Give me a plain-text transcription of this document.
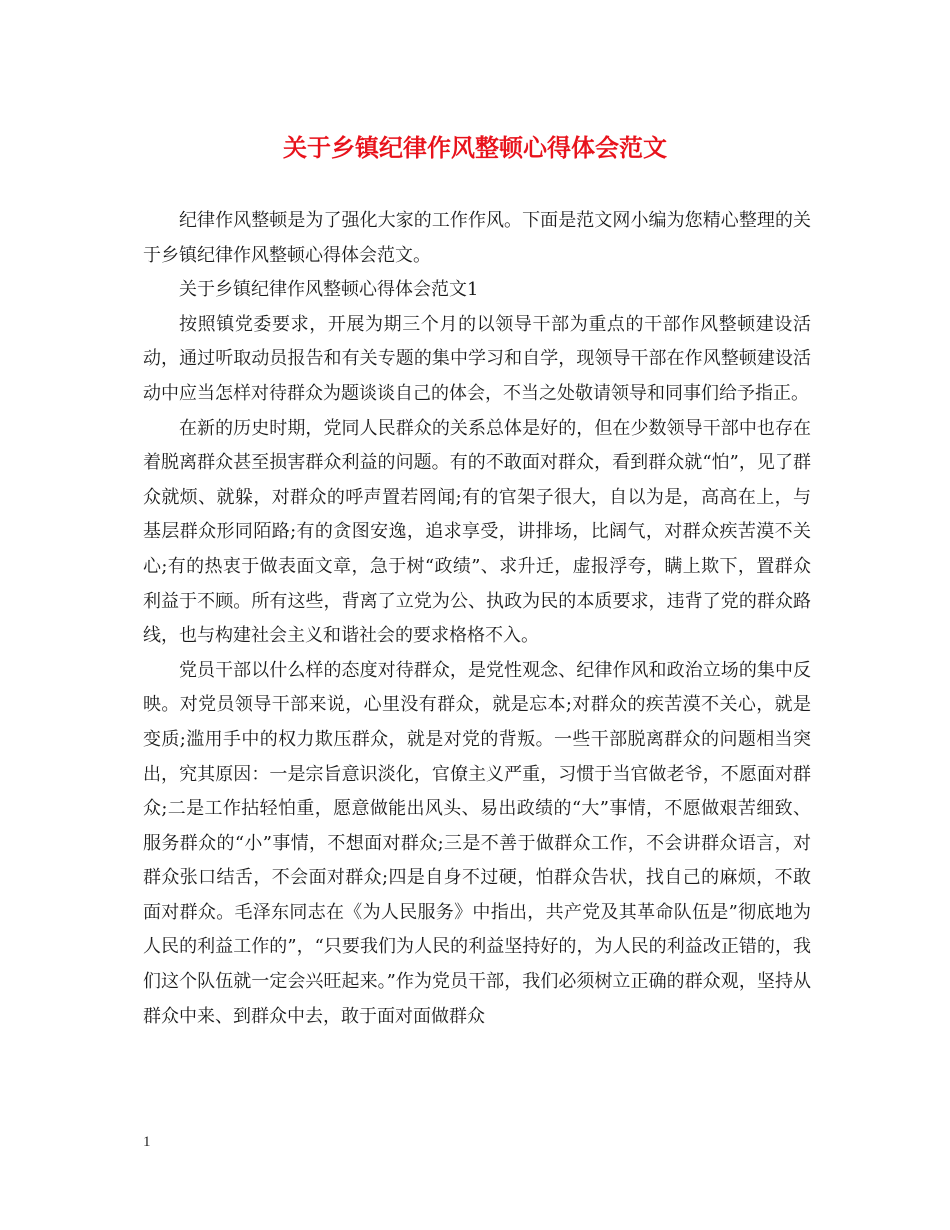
关于乡镇纪律作风整顿心得体会范文

纪律作风整顿是为了强化大家的工作作风。下面是范文网小编为您精心整理的关于乡镇纪律作风整顿心得体会范文。

关于乡镇纪律作风整顿心得体会范文1

按照镇党委要求，开展为期三个月的以领导干部为重点的干部作风整顿建设活动，通过听取动员报告和有关专题的集中学习和自学，现领导干部在作风整顿建设活动中应当怎样对待群众为题谈谈自己的体会，不当之处敬请领导和同事们给予指正。

在新的历史时期，党同人民群众的关系总体是好的，但在少数领导干部中也存在着脱离群众甚至损害群众利益的问题。有的不敢面对群众，看到群众就“怕”，见了群众就烦、就躲，对群众的呼声置若罔闻;有的官架子很大，自以为是，高高在上，与基层群众形同陌路;有的贪图安逸，追求享受，讲排场，比阔气，对群众疾苦漠不关心;有的热衷于做表面文章，急于树“政绩”、求升迁，虚报浮夸，瞒上欺下，置群众利益于不顾。所有这些，背离了立党为公、执政为民的本质要求，违背了党的群众路线，也与构建社会主义和谐社会的要求格格不入。

党员干部以什么样的态度对待群众，是党性观念、纪律作风和政治立场的集中反映。对党员领导干部来说，心里没有群众，就是忘本;对群众的疾苦漠不关心，就是变质;滥用手中的权力欺压群众，就是对党的背叛。一些干部脱离群众的问题相当突出，究其原因：一是宗旨意识淡化，官僚主义严重，习惯于当官做老爷，不愿面对群众;二是工作拈轻怕重，愿意做能出风头、易出政绩的“大”事情，不愿做艰苦细致、服务群众的“小”事情，不想面对群众;三是不善于做群众工作，不会讲群众语言，对群众张口结舌，不会面对群众;四是自身不过硬，怕群众告状，找自己的麻烦，不敢面对群众。毛泽东同志在《为人民服务》中指出，共产党及其革命队伍是”彻底地为人民的利益工作的”，“只要我们为人民的利益坚持好的，为人民的利益改正错的，我们这个队伍就一定会兴旺起来。”作为党员干部，我们必须树立正确的群众观，坚持从群众中来、到群众中去，敢于面对面做群众

1
